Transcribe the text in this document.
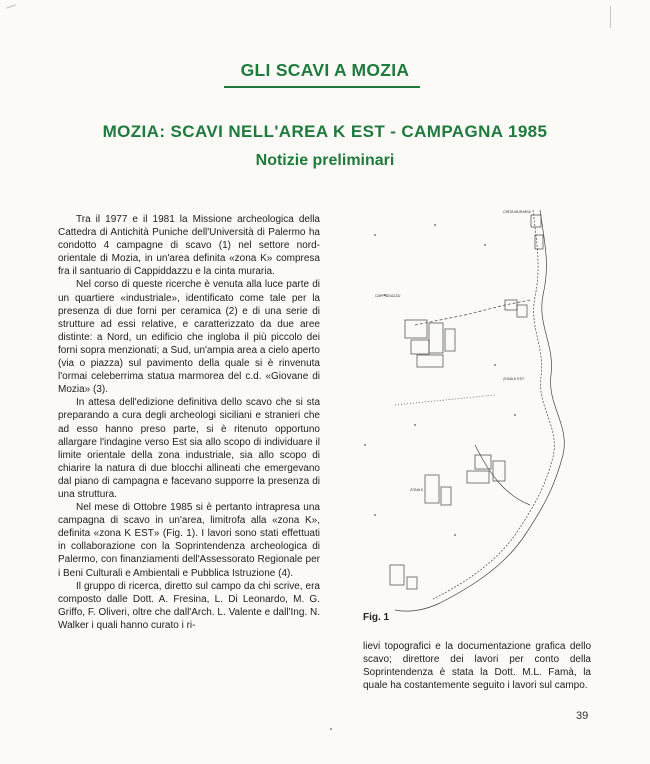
GLI SCAVI A MOZIA
MOZIA: SCAVI NELL'AREA K EST - CAMPAGNA 1985
Notizie preliminari

Tra il 1977 e il 1981 la Missione archeologica della Cattedra di Antichità Puniche dell'Università di Palermo ha condotto 4 campagne di scavo (1) nel settore nord-orientale di Mozia, in un'area definita «zona K» compresa fra il santuario di Cappiddazzu e la cinta muraria.

Nel corso di queste ricerche è venuta alla luce parte di un quartiere «industriale», identificato come tale per la presenza di due forni per ceramica (2) e di una serie di strutture ad essi relative, e caratterizzato da due aree distinte: a Nord, un edificio che ingloba il più piccolo dei forni sopra menzionati; a Sud, un'ampia area a cielo aperto (via o piazza) sul pavimento della quale si è rinvenuta l'ormai celeberrima statua marmorea del c.d. «Giovane di Mozia» (3).

In attesa dell'edizione definitiva dello scavo che si sta preparando a cura degli archeologi siciliani e stranieri che ad esso hanno preso parte, si è ritenuto opportuno allargare l'indagine verso Est sia allo scopo di individuare il limite orientale della zona industriale, sia allo scopo di chiarire la natura di due blocchi allineati che emergevano dal piano di campagna e facevano supporre la presenza di una struttura.

Nel mese di Ottobre 1985 si è pertanto intrapresa una campagna di scavo in un'area, limitrofa alla «zona K», definita «zona K EST» (Fig. 1). I lavori sono stati effettuati in collaborazione con la Soprintendenza archeologica di Palermo, con finanziamenti dell'Assessorato Regionale per i Beni Culturali e Ambientali e Pubblica Istruzione (4).

Il gruppo di ricerca, diretto sul campo da chi scrive, era composto dalle Dott. A. Fresina, L. Di Leonardo, M. G. Griffo, F. Oliveri, oltre che dall'Arch. L. Valente e dall'Ing. N. Walker i quali hanno curato i ri-

CAPPIDDAZZU
ZONA K EST
ZONA K
CINTA MURARIA
Fig. 1

lievi topografici e la documentazione grafica dello scavo; direttore dei lavori per conto della Soprintendenza è stata la Dott. M.L. Famà, la quale ha costantemente seguito i lavori sul campo.

39
